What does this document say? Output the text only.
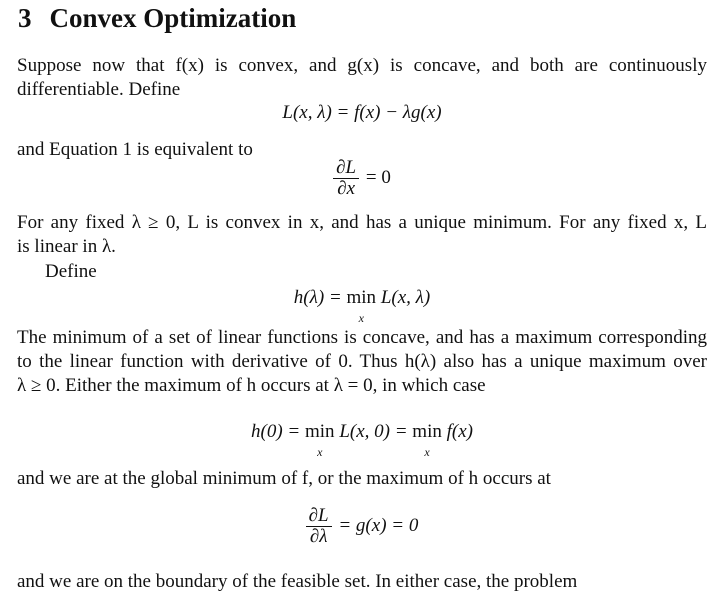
3 Convex Optimization
Suppose now that f(x) is convex, and g(x) is concave, and both are continuously
differentiable. Define
L(x, λ) = f(x) − λg(x)
and Equation 1 is equivalent to
$\frac{\partial L}{\partial x} = 0$
For any fixed λ ≥ 0, L is convex in x, and has a unique minimum. For any fixed x, L
is linear in λ.
Define
h(λ) = min
x
L(x, λ)
The minimum of a set of linear functions is concave, and has a maximum corresponding
to the linear function with derivative of 0. Thus h(λ) also has a unique maximum over
λ ≥ 0. Either the maximum of h occurs at λ = 0, in which case
h(0) = min
x
L(x, 0) = min
x
f(x)
and we are at the global minimum of f, or the maximum of h occurs at
$\frac{\partial L}{\partial\lambda} = g(x) = 0$
and we are on the boundary of the feasible set. In either case, the problem
